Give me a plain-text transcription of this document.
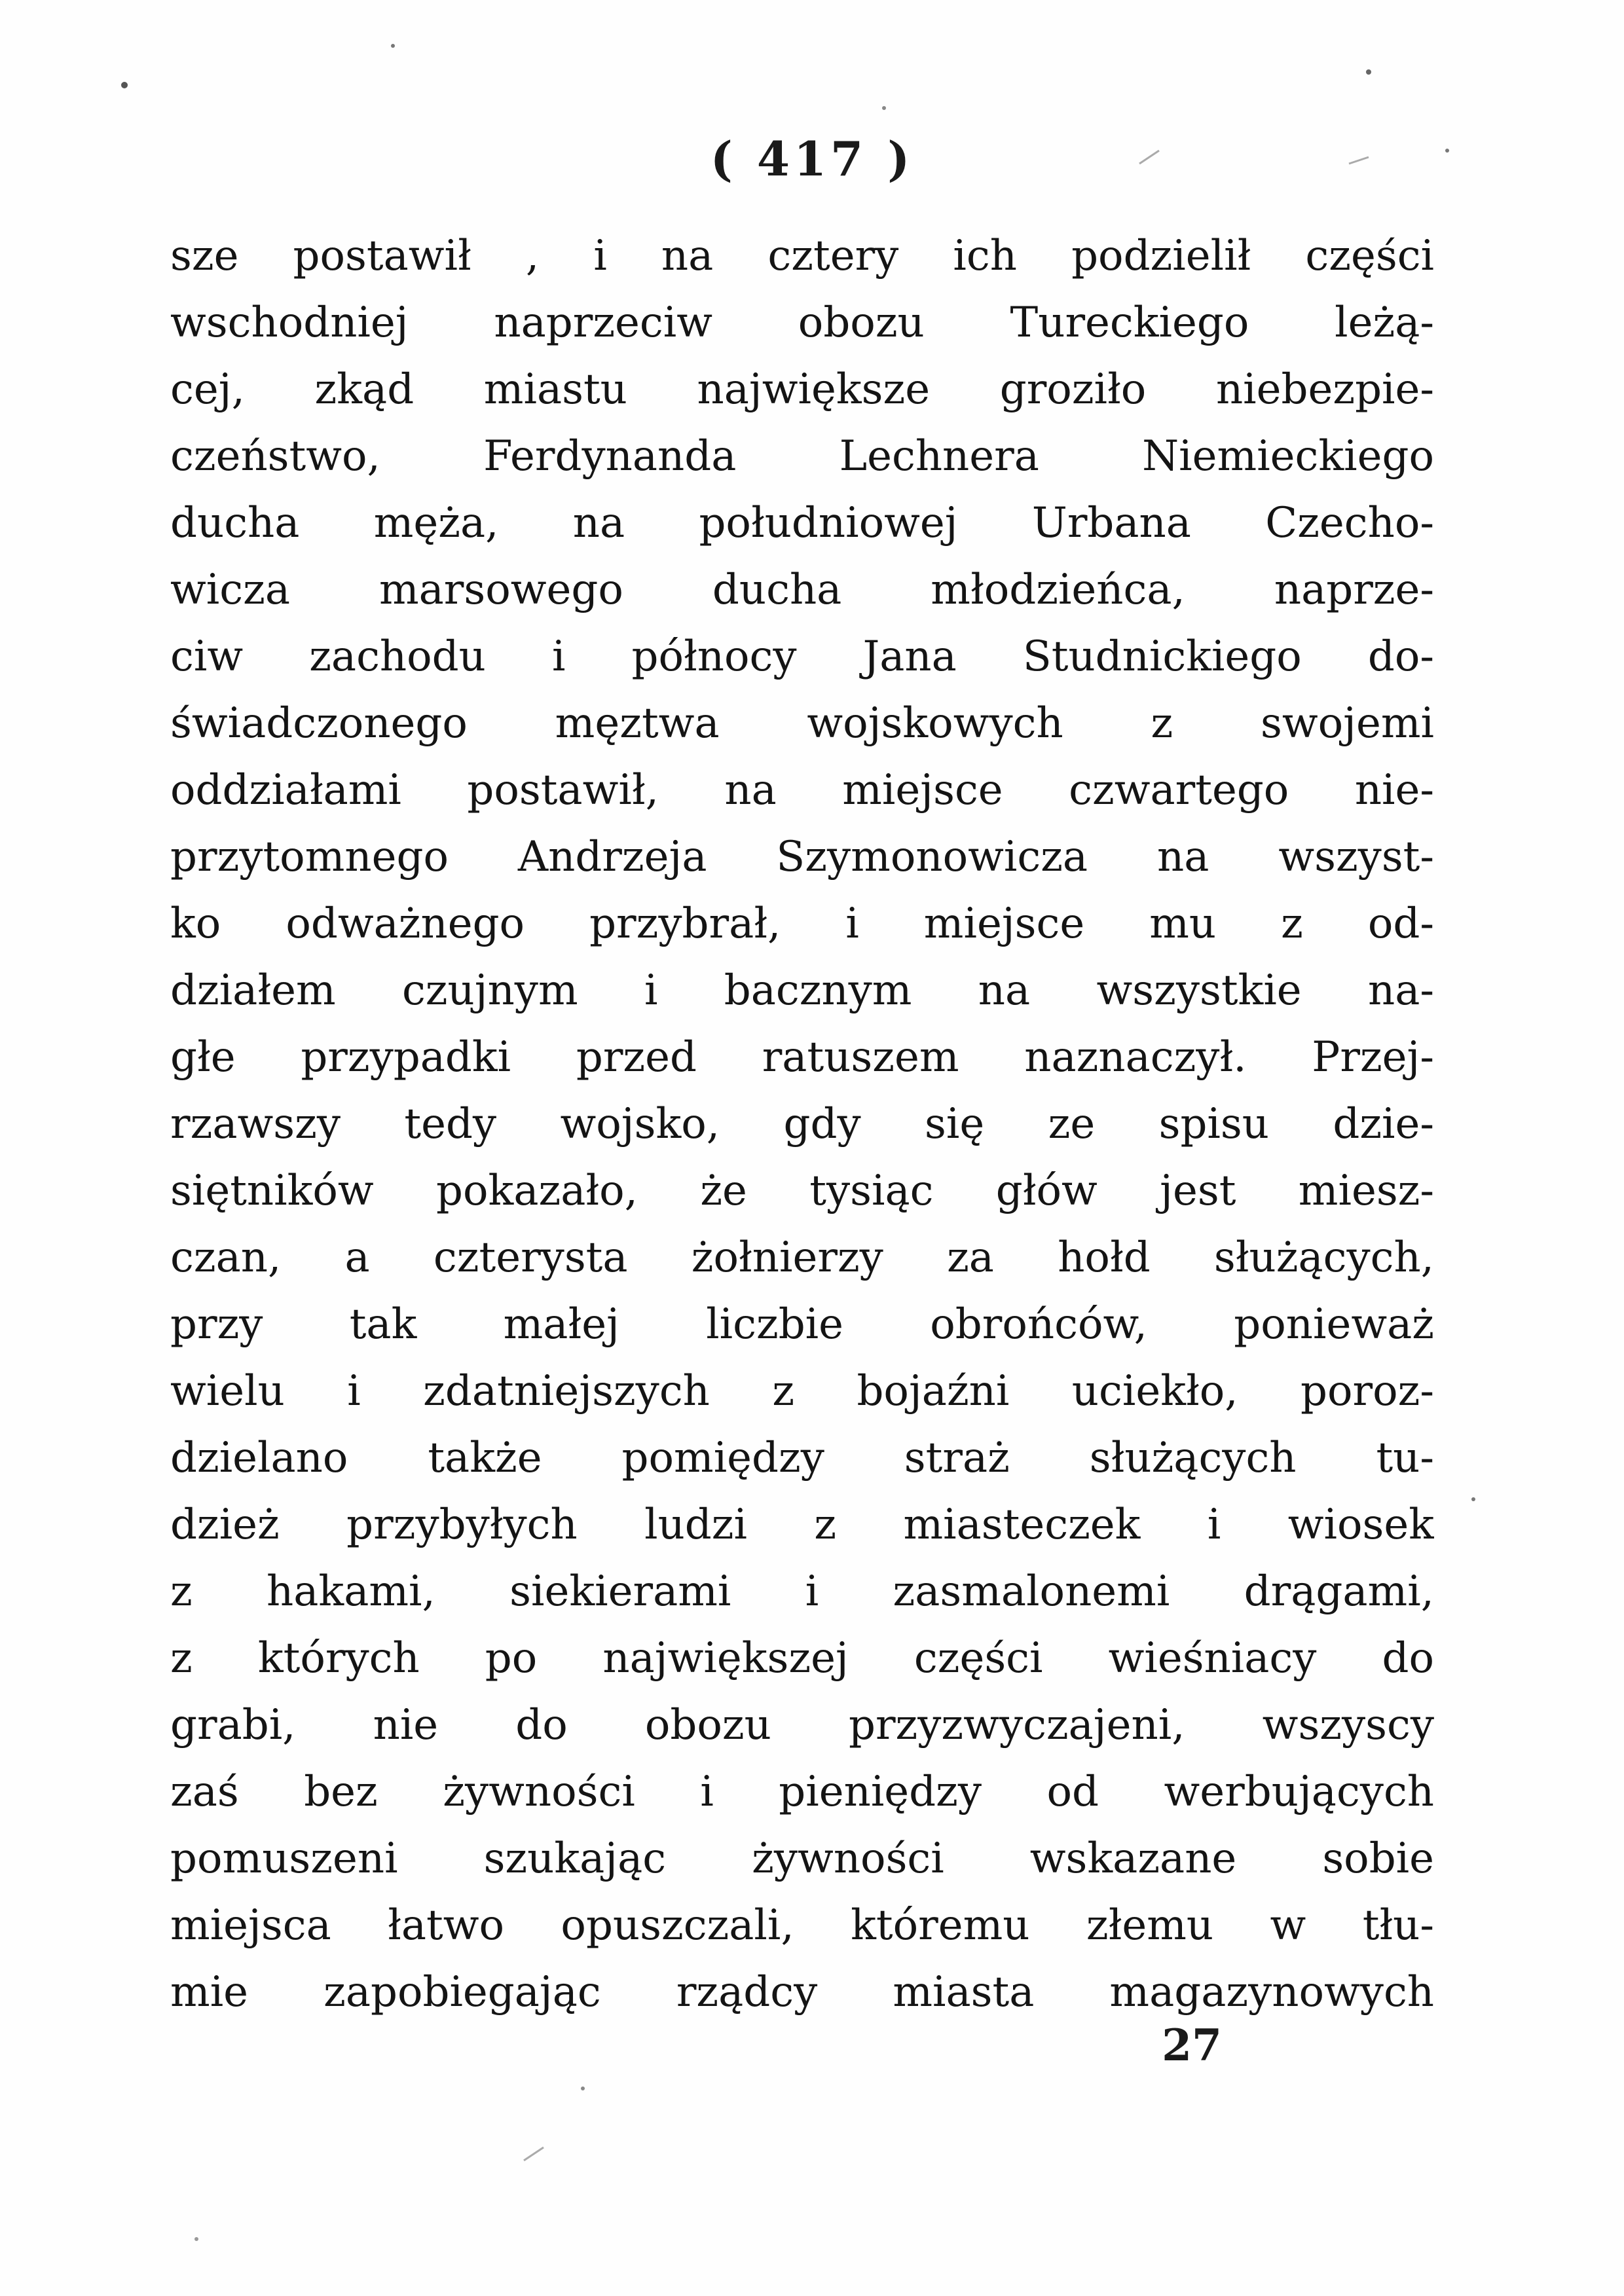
( 417 )
sze postawił , i na cztery ich podzielił części
wschodniej naprzeciw obozu Tureckiego leżą-
cej, zkąd miastu największe groziło niebezpie-
czeństwo, Ferdynanda Lechnera Niemieckiego
ducha męża, na południowej Urbana Czecho-
wicza marsowego ducha młodzieńca, naprze-
ciw zachodu i północy Jana Studnickiego do-
świadczonego męztwa wojskowych z swojemi
oddziałami postawił, na miejsce czwartego nie-
przytomnego Andrzeja Szymonowicza na wszyst-
ko odważnego przybrał, i miejsce mu z od-
działem czujnym i bacznym na wszystkie na-
głe przypadki przed ratuszem naznaczył. Przej-
rzawszy tedy wojsko, gdy się ze spisu dzie-
siętników pokazało, że tysiąc głów jest miesz-
czan, a czterysta żołnierzy za hołd służących,
przy tak małej liczbie obrońców, ponieważ
wielu i zdatniejszych z bojaźni uciekło, poroz-
dzielano także pomiędzy straż służących tu-
dzież przybyłych ludzi z miasteczek i wiosek
z hakami, siekierami i zasmalonemi drągami,
z których po największej części wieśniacy do
grabi, nie do obozu przyzwyczajeni, wszyscy
zaś bez żywności i pieniędzy od werbujących
pomuszeni szukając żywności wskazane sobie
miejsca łatwo opuszczali, któremu złemu w tłu-
mie zapobiegając rządcy miasta magazynowych
27
